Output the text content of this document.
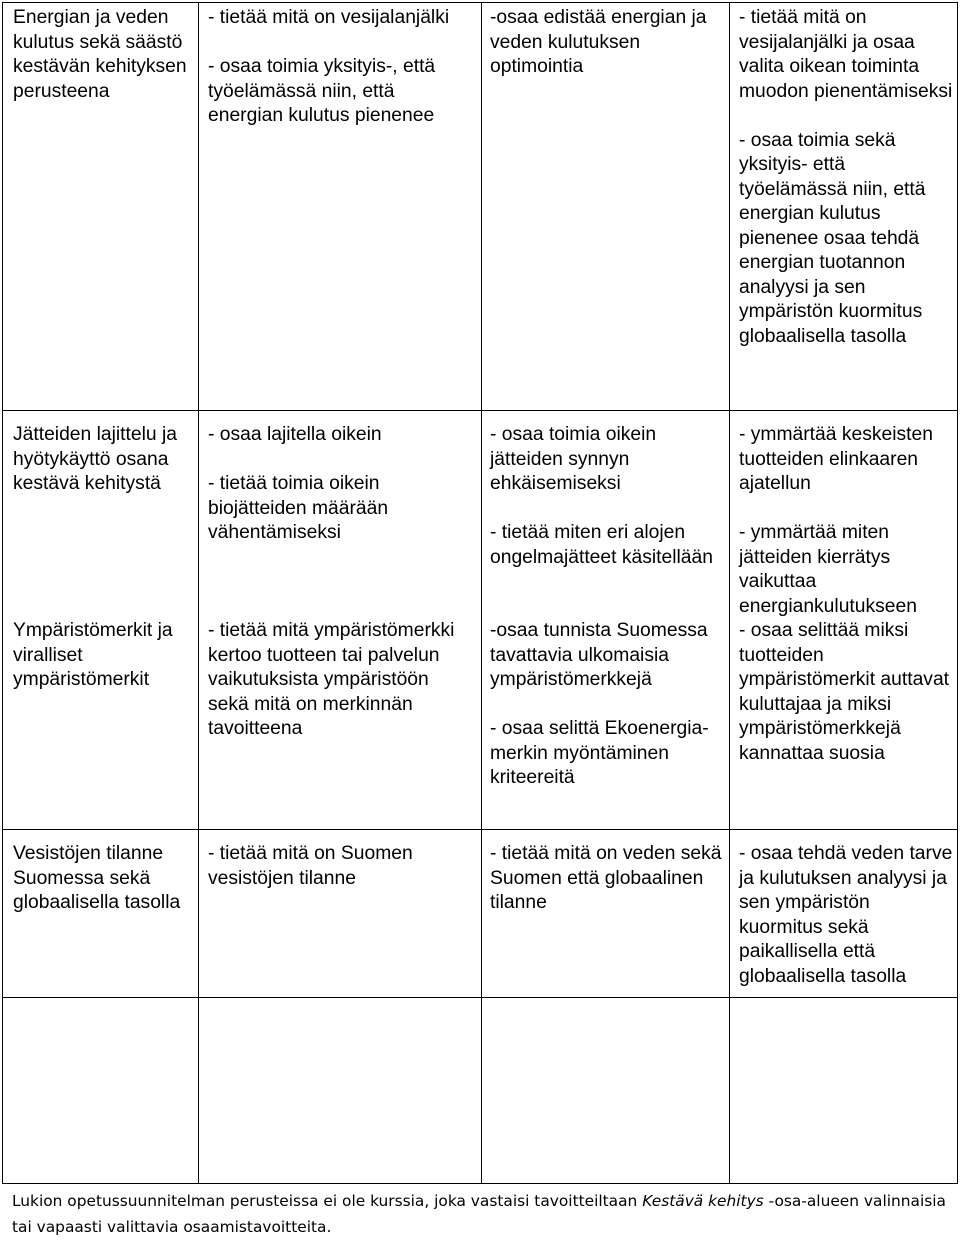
Energian ja veden kulutus sekä säästö kestävän kehityksen perusteena
- tietää mitä on vesijalanjälki
- osaa toimia yksityis-, että työelämässä niin, että energian kulutus pienenee
-osaa edistää energian ja veden kulutuksen optimointia
- tietää mitä on vesijalanjälki ja osaa valita oikean toiminta muodon pienentämiseksi
- osaa toimia sekä yksityis- että työelämässä niin, että energian kulutus pienenee osaa tehdä energian tuotannon analyysi ja sen ympäristön kuormitus globaalisella tasolla
Jätteiden lajittelu ja hyötykäyttö osana kestävä kehitystä
- osaa lajitella oikein
- tietää toimia oikein biojätteiden määrään vähentämiseksi
- osaa toimia oikein jätteiden synnyn ehkäisemiseksi
- tietää miten eri alojen ongelmajätteet käsitellään
- ymmärtää keskeisten tuotteiden elinkaaren ajatellun
- ymmärtää miten jätteiden kierrätys vaikuttaa energiankulutukseen
Ympäristömerkit ja viralliset ympäristömerkit
- tietää mitä ympäristömerkki kertoo tuotteen tai palvelun vaikutuksista ympäristöön sekä mitä on merkinnän tavoitteena
-osaa tunnista Suomessa tavattavia ulkomaisia ympäristömerkkejä
- osaa selittä Ekoenergia- merkin myöntäminen kriteereitä
- osaa selittää miksi tuotteiden ympäristömerkit auttavat kuluttajaa ja miksi ympäristömerkkejä kannattaa suosia
Vesistöjen tilanne Suomessa sekä globaalisella tasolla
- tietää mitä on Suomen vesistöjen tilanne
- tietää mitä on veden sekä Suomen että globaalinen tilanne
- osaa tehdä veden tarve ja kulutuksen analyysi ja sen ympäristön kuormitus sekä paikallisella että globaalisella tasolla
Lukion opetussuunnitelman perusteissa ei ole kurssia, joka vastaisi tavoitteiltaan Kestävä kehitys -osa-alueen valinnaisia tai vapaasti valittavia osaamistavoitteita.
